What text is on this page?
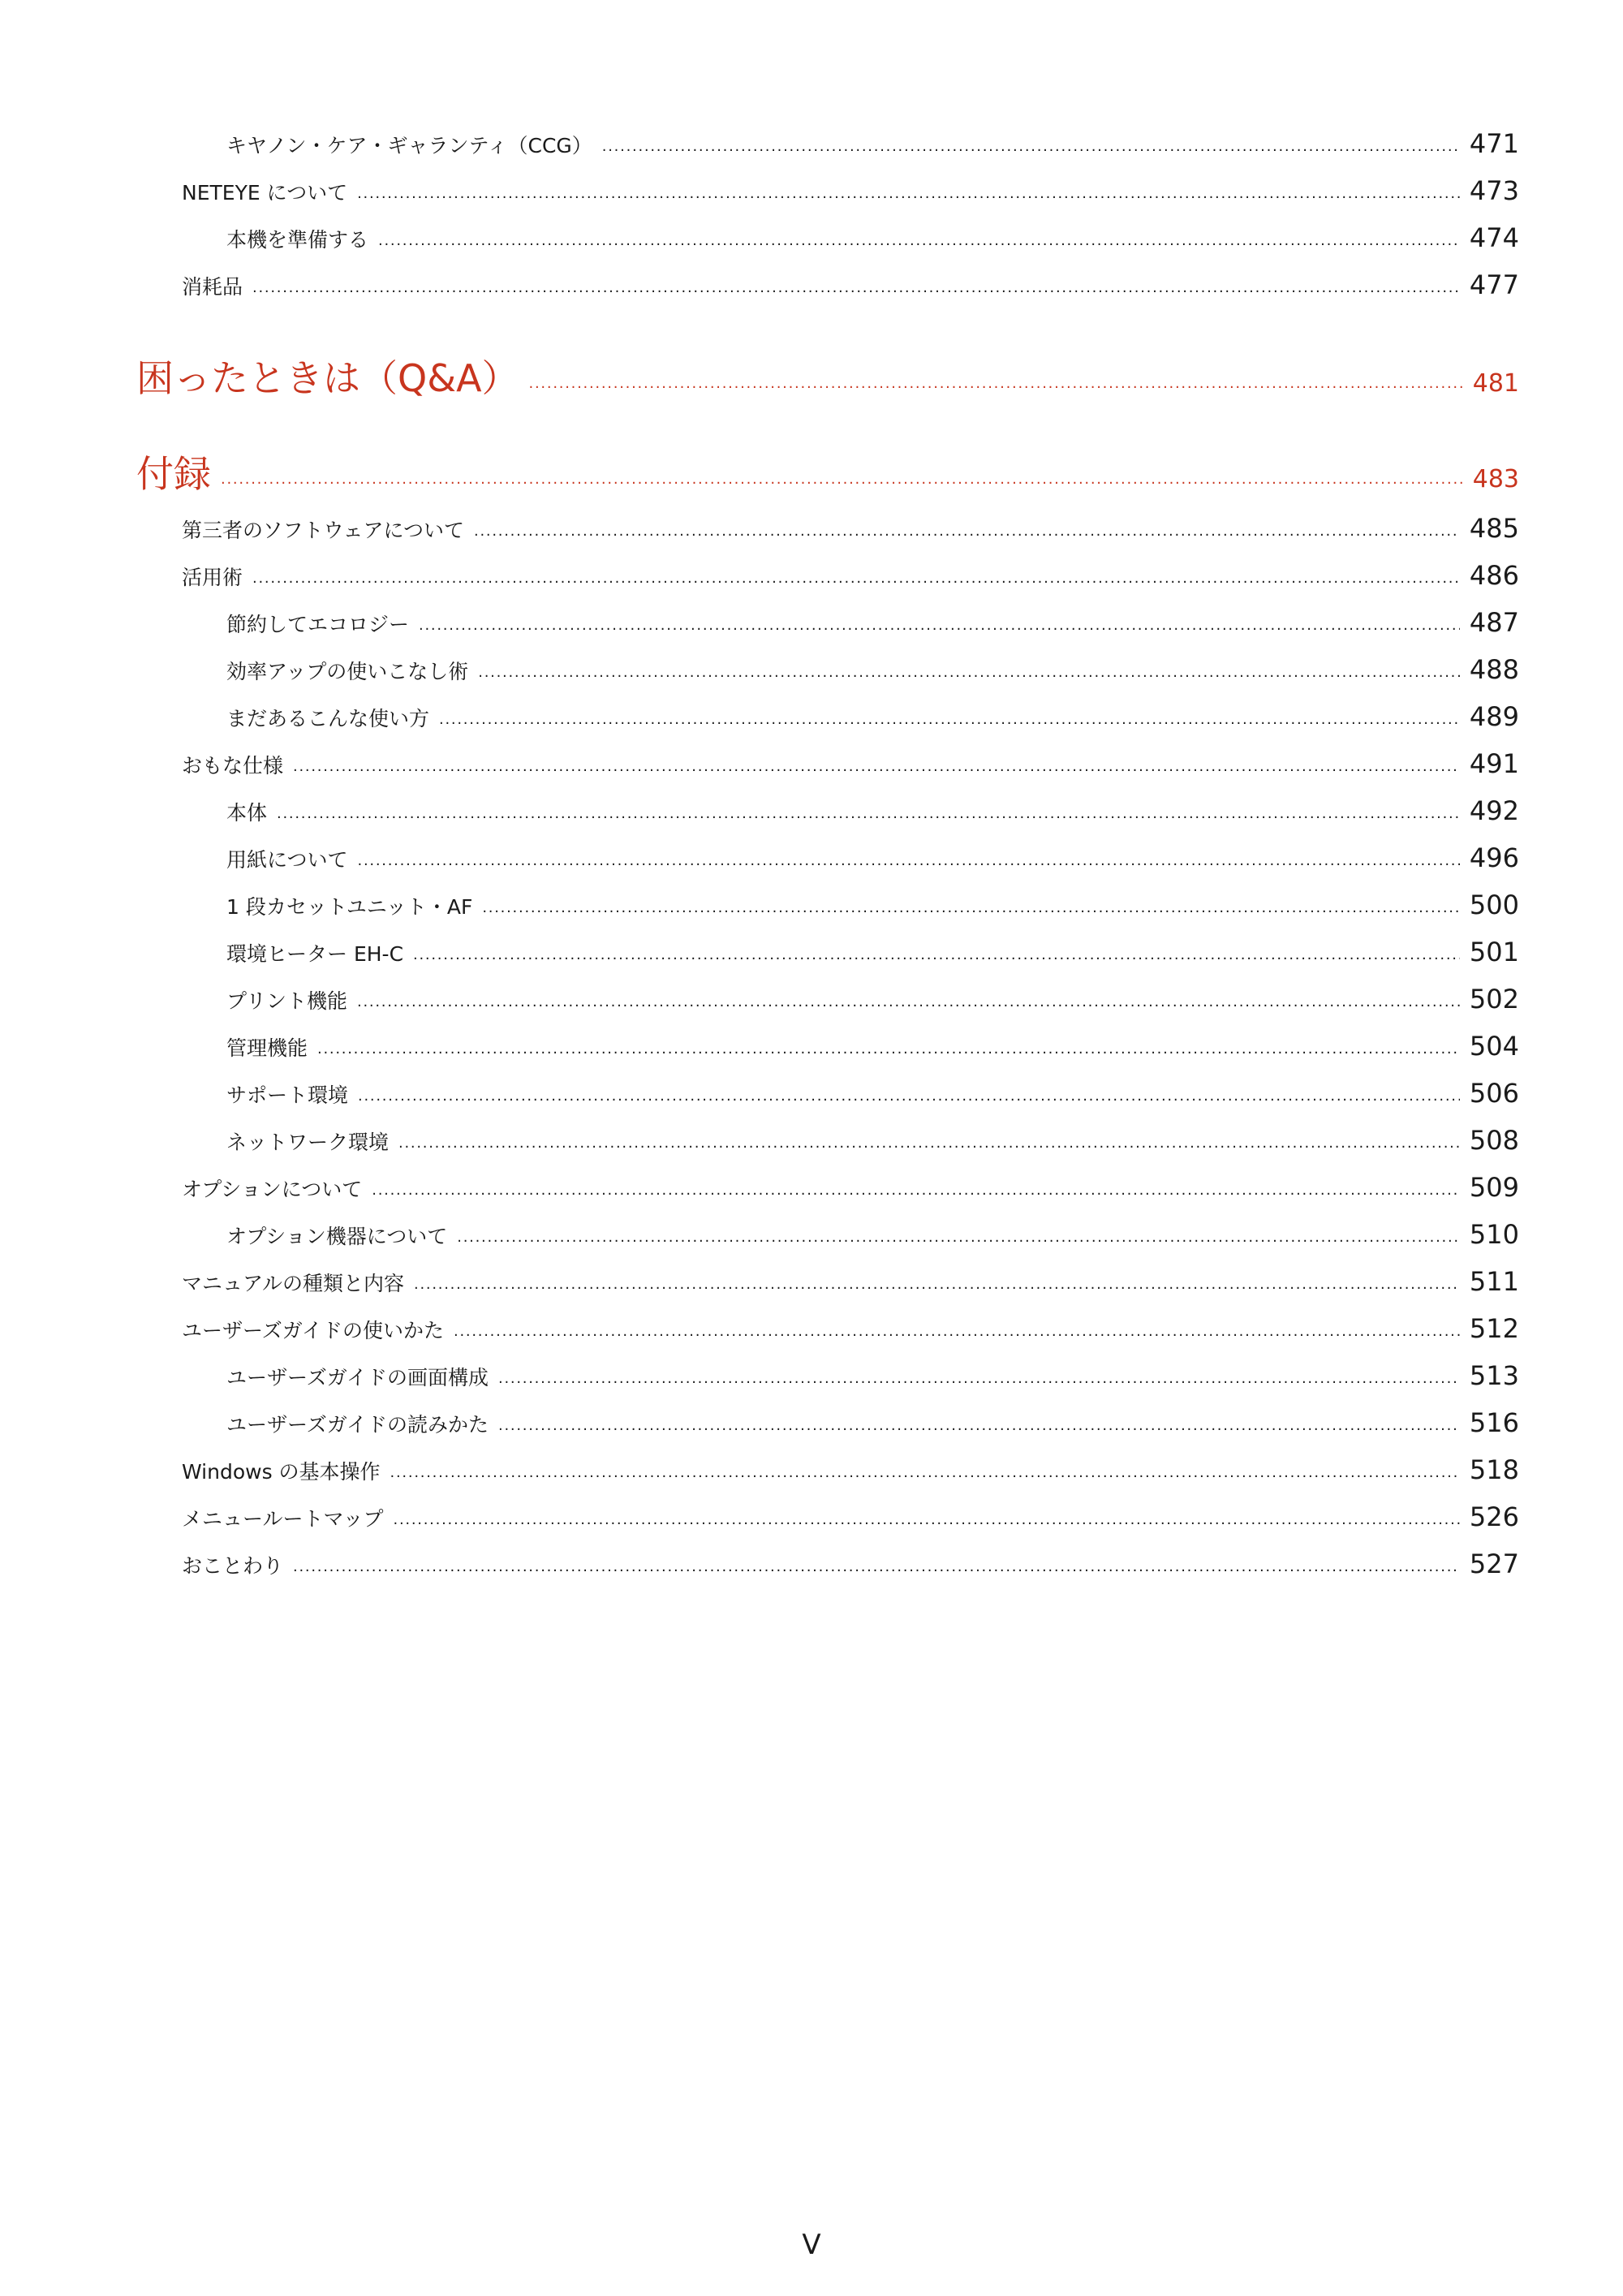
キヤノン・ケア・ギャランティ（CCG） . . .	471
NETEYE について . . .	473
本機を準備する . . .	474
消耗品 . . .	477
困ったときは（Q&A） . . .	481
付録 . . .	483
第三者のソフトウェアについて . . .	485
活用術 . . .	486
節約してエコロジー . . .	487
効率アップの使いこなし術 . . .	488
まだあるこんな使い方 . . .	489
おもな仕様 . . .	491
本体 . . .	492
用紙について . . .	496
1 段カセットユニット・AF . . .	500
環境ヒーター EH-C . . .	501
プリント機能 . . .	502
管理機能 . . .	504
サポート環境 . . .	506
ネットワーク環境 . . .	508
オプションについて . . .	509
オプション機器について . . .	510
マニュアルの種類と内容 . . .	511
ユーザーズガイドの使いかた . . .	512
ユーザーズガイドの画面構成 . . .	513
ユーザーズガイドの読みかた . . .	516
Windows の基本操作 . . .	518
メニュールートマップ . . .	526
おことわり . . .	527
V
